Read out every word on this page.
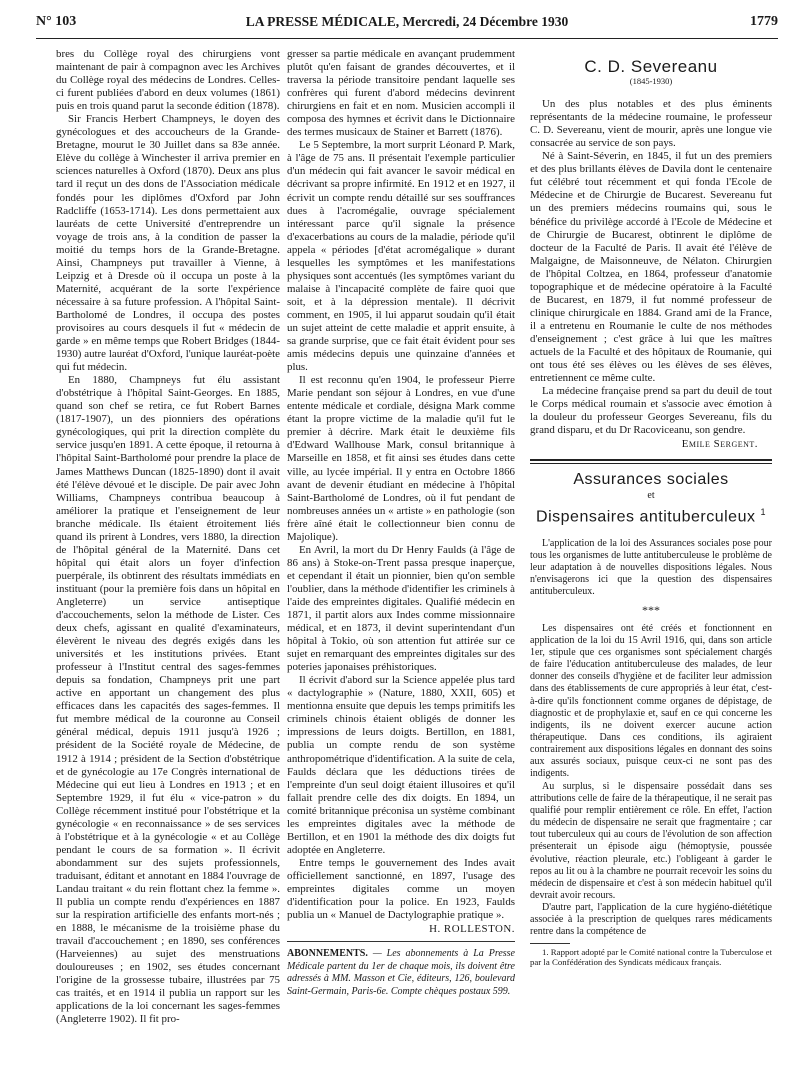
N° 103	LA PRESSE MÉDICALE, Mercredi, 24 Décembre 1930	1779

bres du Collège royal des chirurgiens vont maintenant de pair à compagnon avec les Archives du Collège royal des médecins de Londres. Celles-ci furent publiées d'abord en deux volumes (1861) puis en trois quand parut la seconde édition (1878).

Sir Francis Herbert Champneys, le doyen des gynécologues et des accoucheurs de la Grande-Bretagne, mourut le 30 Juillet dans sa 83e année. Elève du collège à Winchester il arriva premier en sciences naturelles à Oxford (1870). Deux ans plus tard il reçut un des dons de l'Association médicale fondés pour les diplômes d'Oxford par John Radcliffe (1653-1714). Les dons permettaient aux lauréats de cette Université d'entreprendre un voyage de trois ans, à la condition de passer la moitié du temps hors de la Grande-Bretagne. Ainsi, Champneys put travailler à Vienne, à Leipzig et à Dresde où il occupa un poste à la Maternité, acquérant de la sorte l'expérience nécessaire à sa future profession. A l'hôpital Saint-Bartholomé de Londres, il occupa des postes provisoires au cours desquels il fut « médecin de garde » en même temps que Robert Bridges (1844-1930) autre lauréat d'Oxford, l'unique lauréat-poète qui fut médecin.

En 1880, Champneys fut élu assistant d'obstétrique à l'hôpital Saint-Georges. En 1885, quand son chef se retira, ce fut Robert Barnes (1817-1907), un des pionniers des opérations gynécologiques, qui prit la direction complète du service jusqu'en 1891. A cette époque, il retourna à l'hôpital Saint-Bartholomé pour prendre la place de James Matthews Duncan (1825-1890) dont il avait été l'élève dévoué et le disciple. De pair avec John Williams, Champneys contribua beaucoup à améliorer la pratique et l'enseignement de leur branche médicale. Ils étaient étroitement liés quand ils prirent à Londres, vers 1880, la direction de l'hôpital général de la Maternité. Dans cet hôpital qui était alors un foyer d'infection puerpérale, ils obtinrent des résultats immédiats en instituant (pour la première fois dans un hôpital en Angleterre) un service antiseptique d'accouchements, selon la méthode de Lister. Ces deux chefs, agissant en qualité d'examinateurs, élevèrent le niveau des degrés exigés dans les universités et les institutions privées. Etant professeur à l'Institut central des sages-femmes depuis sa fondation, Champneys prit une part active en apportant un changement des plus efficaces dans les capacités des sages-femmes. Il fut membre médical de la couronne au Conseil général médical, depuis 1911 jusqu'à 1926 ; président de la Société royale de Médecine, de 1912 à 1914 ; président de la Section d'obstétrique et de gynécologie au 17e Congrès international de Médecine qui eut lieu à Londres en 1913 ; et en Septembre 1929, il fut élu « vice-patron » du Collège récemment institué pour l'obstétrique et la gynécologie « en reconnaissance » de ses services à l'obstétrique et à la gynécologie « et au Collège pendant le cours de sa formation ». Il écrivit abondamment sur des sujets professionnels, traduisant, éditant et annotant en 1884 l'ouvrage de Landau traitant « du rein flottant chez la femme ». Il publia un compte rendu d'expériences en 1887 sur la respiration artificielle des enfants mort-nés ; en 1888, le mécanisme de la troisième phase du travail d'accouchement ; en 1890, ses conférences (Harveiennes) au sujet des menstruations douloureuses ; en 1902, ses études concernant l'origine de la grossesse tubaire, illustrées par 75 cas traités, et en 1914 il publia un rapport sur les applications de la loi concernant les sages-femmes (Angleterre 1902). Il fit pro-

gresser sa partie médicale en avançant prudemment plutôt qu'en faisant de grandes découvertes, et il traversa la période transitoire pendant laquelle ses confrères qui furent d'abord médecins devinrent chirurgiens en fait et en nom. Musicien accompli il composa des hymnes et écrivit dans le Dictionnaire des termes musicaux de Stainer et Barrett (1876).

Le 5 Septembre, la mort surprit Léonard P. Mark, à l'âge de 75 ans. Il présentait l'exemple particulier d'un médecin qui fait avancer le savoir médical en décrivant sa propre infirmité. En 1912 et en 1927, il écrivit un compte rendu détaillé sur ses souffrances dues à l'acromégalie, ouvrage spécialement intéressant parce qu'il signale la présence d'exacerbations au cours de la maladie, période qu'il appela « périodes [d'état acromégalique » durant lesquelles les symptômes et les manifestations physiques sont accentués (les symptômes variant du malaise à l'incapacité complète de faire quoi que soit, et à la dépression mentale). Il décrivit comment, en 1905, il lui apparut soudain qu'il était un sujet atteint de cette maladie et apprit ensuite, à sa grande surprise, que ce fait était évident pour ses amis médecins depuis une quinzaine d'années et plus.

Il est reconnu qu'en 1904, le professeur Pierre Marie pendant son séjour à Londres, en vue d'une entente médicale et cordiale, désigna Mark comme étant la propre victime de la maladie qu'il fut le premier à décrire. Mark était le deuxième fils d'Edward Wallhouse Mark, consul britannique à Marseille en 1858, et fit ainsi ses études dans cette ville, au lycée impérial. Il y entra en Octobre 1866 avant de devenir étudiant en médecine à l'hôpital Saint-Bartholomé de Londres, où il fut pendant de nombreuses années un « artiste » en pathologie (son frère aîné était le collectionneur bien connu de Majolique).

En Avril, la mort du Dr Henry Faulds (à l'âge de 86 ans) à Stoke-on-Trent passa presque inaperçue, et cependant il était un pionnier, bien qu'on semble l'oublier, dans la méthode d'identifier les criminels à l'aide des empreintes digitales. Qualifié médecin en 1871, il partit alors aux Indes comme missionnaire médical, et en 1873, il devint superintendant d'un hôpital à Tokio, où son attention fut attirée sur ce sujet en remarquant des empreintes digitales sur des poteries japonaises préhistoriques.

Il écrivit d'abord sur la Science appelée plus tard « dactylographie » (Nature, 1880, XXII, 605) et mentionna ensuite que depuis les temps primitifs les criminels chinois étaient obligés de donner les impressions de leurs doigts. Bertillon, en 1881, publia un compte rendu de son système anthropométrique d'identification. A la suite de cela, Faulds déclara que les déductions tirées de l'empreinte d'un seul doigt étaient illusoires et qu'il fallait prendre celle des dix doigts. En 1894, un comité britannique préconisa un système combinant les empreintes digitales avec la méthode de Bertillon, et en 1901 la méthode des dix doigts fut adoptée en Angleterre.

Entre temps le gouvernement des Indes avait officiellement sanctionné, en 1897, l'usage des empreintes digitales comme un moyen d'identification pour la police. En 1923, Faulds publia un « Manuel de Dactylographie pratique ».

H. ROLLESTON.
ABONNEMENTS. — Les abonnements à La Presse Médicale partent du 1er de chaque mois, ils doivent être adressés à MM. Masson et Cie, éditeurs, 126, boulevard Saint-Germain, Paris-6e. Compte chèques postaux 599.
C. D. Severeanu
(1845-1930)

Un des plus notables et des plus éminents représentants de la médecine roumaine, le professeur C. D. Severeanu, vient de mourir, après une longue vie consacrée au service de son pays.

Né à Saint-Séverin, en 1845, il fut un des premiers et des plus brillants élèves de Davila dont le centenaire fut célébré tout récemment et qui fonda l'Ecole de Médecine et de Chirurgie de Bucarest. Severeanu fut un des premiers médecins roumains qui, sous le bénéfice du privilège accordé à l'Ecole de Médecine et de Chirurgie de Bucarest, obtinrent le diplôme de docteur de la Faculté de Paris. Il avait été l'élève de Malgaigne, de Maisonneuve, de Nélaton. Chirurgien de l'hôpital Coltzea, en 1864, professeur d'anatomie topographique et de médecine opératoire à la Faculté de Bucarest, en 1879, il fut nommé professeur de clinique chirurgicale en 1884. Grand ami de la France, il a entretenu en Roumanie le culte de nos méthodes d'enseignement ; c'est grâce à lui que les maîtres actuels de la Faculté et des hôpitaux de Roumanie, qui ont tous été ses élèves ou les élèves de ses élèves, entretiennent ce même culte.

La médecine française prend sa part du deuil de tout le Corps médical roumain et s'associe avec émotion à la douleur du professeur Georges Severeanu, fils du grand disparu, et du Dr Racoviceanu, son gendre.

Emile Sergent.
Assurances sociales
et
Dispensaires antituberculeux $^1$

L'application de la loi des Assurances sociales pose pour tous les organismes de lutte antituberculeuse le problème de leur adaptation à de nouvelles dispositions légales. Nous n'envisagerons ici que la question des dispensaires antituberculeux.

***

Les dispensaires ont été créés et fonctionnent en application de la loi du 15 Avril 1916, qui, dans son article 1er, stipule que ces organismes sont spécialement chargés de faire l'éducation antituberculeuse des malades, de leur donner des conseils d'hygiène et de faciliter leur admission dans des établissements de cure appropriés à leur état, c'est-à-dire qu'ils fonctionnent comme organes de dépistage, de diagnostic et de prophylaxie et, sauf en ce qui concerne les indigents, ils ne doivent exercer aucune action thérapeutique. Dans ces conditions, ils agiraient contrairement aux dispositions légales en donnant des soins aux assurés sociaux, puisque ceux-ci ne sont pas des indigents.

Au surplus, si le dispensaire possédait dans ses attributions celle de faire de la thérapeutique, il ne serait pas qualifié pour remplir entièrement ce rôle. En effet, l'action du médecin de dispensaire ne serait que fragmentaire ; car tout tuberculeux qui au cours de l'évolution de son affection présenterait un épisode aigu (hémoptysie, poussée évolutive, réaction pleurale, etc.) l'obligeant à garder le repos au lit ou à la chambre ne pourrait recevoir les soins du médecin de dispensaire et c'est à son médecin habituel qu'il devrait avoir recours.

D'autre part, l'application de la cure hygiéno-diététique associée à la prescription de quelques rares médicaments rentre dans la compétence de

1. Rapport adopté par le Comité national contre la Tuberculose et par la Confédération des Syndicats médicaux français.
